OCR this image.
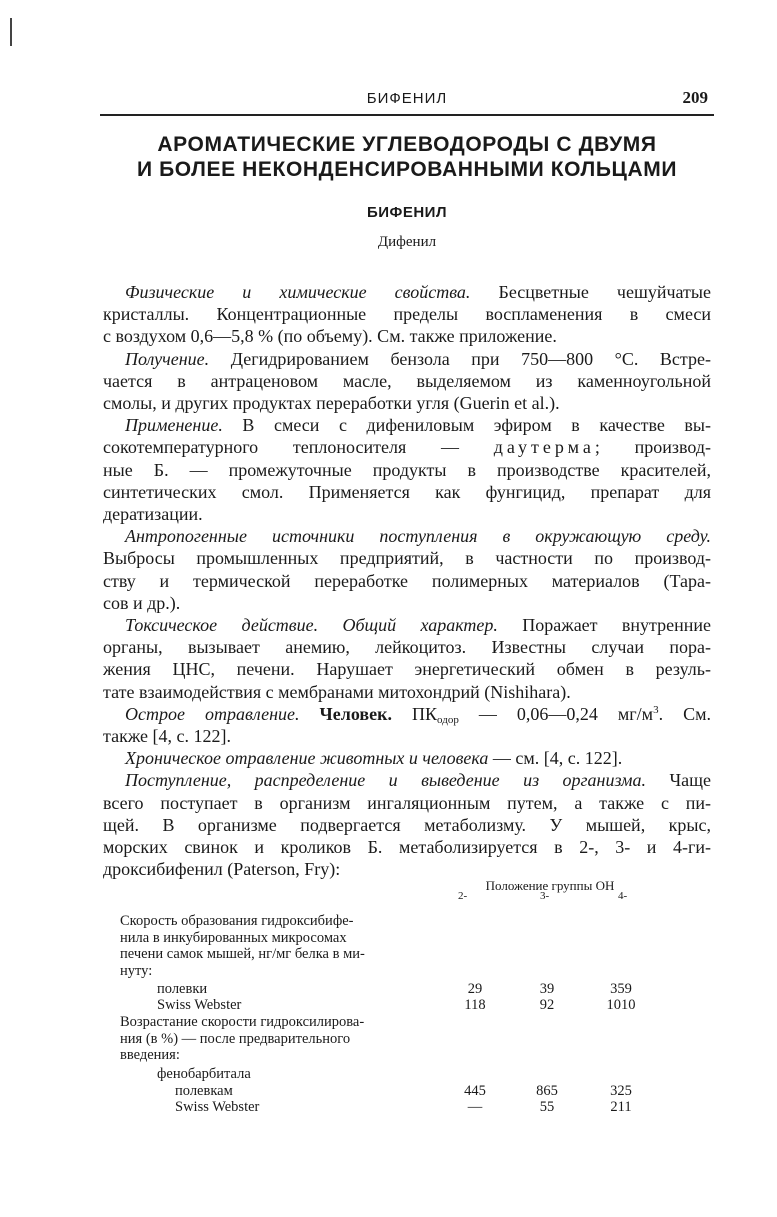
БИФЕНИЛ	209
АРОМАТИЧЕСКИЕ УГЛЕВОДОРОДЫ С ДВУМЯ
И БОЛЕЕ НЕКОНДЕНСИРОВАННЫМИ КОЛЬЦАМИ
БИФЕНИЛ
Дифенил

Физические и химические свойства. Бесцветные чешуйчатые
кристаллы. Концентрационные пределы воспламенения в смеси
с воздухом 0,6—5,8 % (по объему). См. также приложение.

Получение. Дегидрированием бензола при 750—800 °С. Встре-
чается в антраценовом масле, выделяемом из каменноугольной
смолы, и других продуктах переработки угля (Guerin et al.).

Применение. В смеси с дифениловым эфиром в качестве вы-
сокотемпературного теплоносителя — даутерма; производ-
ные Б. — промежуточные продукты в производстве красителей,
синтетических смол. Применяется как фунгицид, препарат для
дератизации.

Антропогенные источники поступления в окружающую среду.
Выбросы промышленных предприятий, в частности по производ-
ству и термической переработке полимерных материалов (Тара-
сов и др.).

Токсическое действие. Общий характер. Поражает внутренние
органы, вызывает анемию, лейкоцитоз. Известны случаи пора-
жения ЦНС, печени. Нарушает энергетический обмен в резуль-
тате взаимодействия с мембранами митохондрий (Nishihara).

Острое отравление. Человек. $ПК_{одор}$ — 0,06—0,24 $мг/м^3$. См.
также [4, с. 122].

Хроническое отравление животных и человека — см. [4, с. 122].

Поступление, распределение и выведение из организма. Чаще
всего поступает в организм ингаляционным путем, а также с пи-
щей. В организме подвергается метаболизму. У мышей, крыс,
морских свинок и кроликов Б. метаболизируется в 2-, 3- и 4-ги-
дроксибифенил (Paterson, Fry):

Положение группы ОН
2-	3-	4-
Скорость образования гидроксибифе-
нила в инкубированных микросомах
печени самок мышей, нг/мг белка в ми-
нуту:
полевки	29	39	359
Swiss Webster	118	92	1010
Возрастание скорости гидроксилирова-
ния (в %) — после предварительного
введения:
фенобарбитала
полевкам	445	865	325
Swiss Webster	—	55	211
